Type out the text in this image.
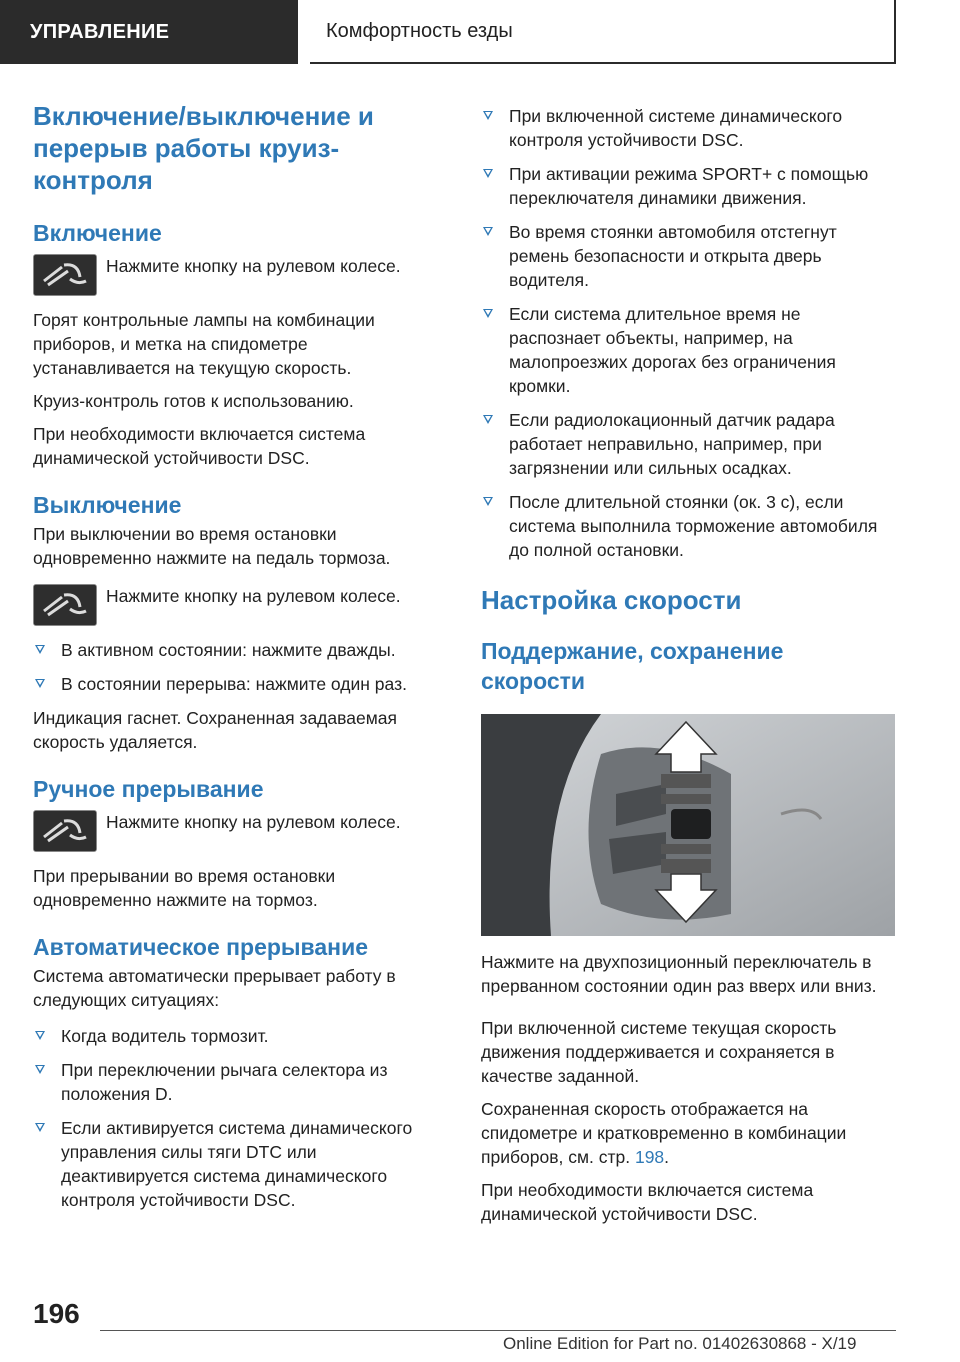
УПРАВЛЕНИЕ	Комфортность езды
Включение/выключение и перерыв работы круиз-контроля
Включение
Нажмите кнопку на рулевом колесе.

Горят контрольные лампы на комбинации приборов, и метка на спидометре устанавливается на текущую скорость.

Круиз-контроль готов к использованию.

При необходимости включается система динамической устойчивости DSC.

Выключение

При выключении во время остановки одновременно нажмите на педаль тормоза.

Нажмите кнопку на рулевом колесе.
В активном состоянии: нажмите дважды.
В состоянии перерыва: нажмите один раз.

Индикация гаснет. Сохраненная задаваемая скорость удаляется.

Ручное прерывание
Нажмите кнопку на рулевом колесе.

При прерывании во время остановки одновременно нажмите на тормоз.

Автоматическое прерывание

Система автоматически прерывает работу в следующих ситуациях:

Когда водитель тормозит.
При переключении рычага селектора из положения D.
Если активируется система динамического управления силы тяги DTC или деактивируется система динамического контроля устойчивости DSC.
При включенной системе динамического контроля устойчивости DSC.
При активации режима SPORT+ с помощью переключателя динамики движения.
Во время стоянки автомобиля отстегнут ремень безопасности и открыта дверь водителя.
Если система длительное время не распознает объекты, например, на малопроезжих дорогах без ограничения кромки.
Если радиолокационный датчик радара работает неправильно, например, при загрязнении или сильных осадках.
После длительной стоянки (ок. 3 с), если система выполнила торможение автомобиля до полной остановки.
Настройка скорости
Поддержание, сохранение скорости

Нажмите на двухпозиционный переключатель в прерванном состоянии один раз вверх или вниз.

При включенной системе текущая скорость движения поддерживается и сохраняется в качестве заданной.

Сохраненная скорость отображается на спидометре и кратковременно в комбинации приборов, см. стр. 198.

При необходимости включается система динамической устойчивости DSC.

196
Online Edition for Part no. 01402630868 - X/19
